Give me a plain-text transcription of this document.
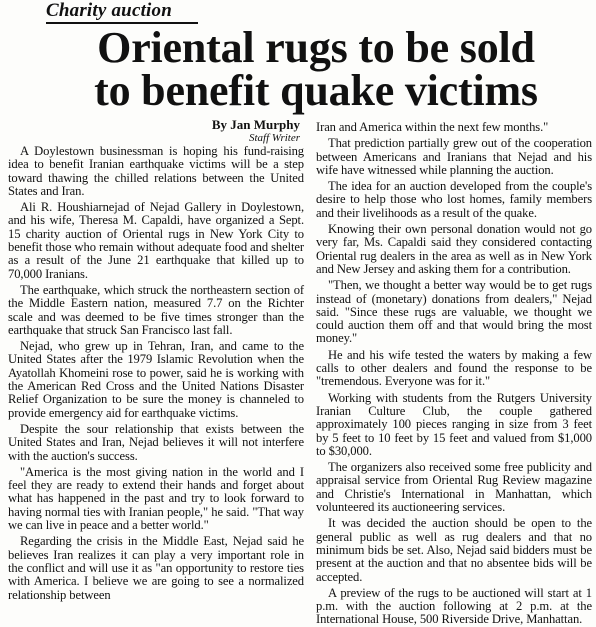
Charity auction
Oriental rugs to be sold
to benefit quake victims
By Jan Murphy
Staff Writer

A Doylestown businessman is hoping his fund-raising idea to benefit Iranian earthquake victims will be a step toward thawing the chilled relations between the United States and Iran.

Ali R. Houshiarnejad of Nejad Gallery in Doylestown, and his wife, Theresa M. Capaldi, have organized a Sept. 15 charity auction of Oriental rugs in New York City to benefit those who remain without adequate food and shelter as a result of the June 21 earthquake that killed up to 70,000 Iranians.

The earthquake, which struck the northeastern section of the Middle Eastern nation, measured 7.7 on the Richter scale and was deemed to be five times stronger than the earthquake that struck San Francisco last fall.

Nejad, who grew up in Tehran, Iran, and came to the United States after the 1979 Islamic Revolution when the Ayatollah Khomeini rose to power, said he is working with the American Red Cross and the United Nations Disaster Relief Organization to be sure the money is channeled to provide emergency aid for earthquake victims.

Despite the sour relationship that exists between the United States and Iran, Nejad believes it will not interfere with the auction's success.

"America is the most giving nation in the world and I feel they are ready to extend their hands and forget about what has happened in the past and try to look forward to having normal ties with Iranian people," he said. "That way we can live in peace and a better world."

Regarding the crisis in the Middle East, Nejad said he believes Iran realizes it can play a very important role in the conflict and will use it as "an opportunity to restore ties with America. I believe we are going to see a normalized relationship between

Iran and America within the next few months."

That prediction partially grew out of the cooperation between Americans and Iranians that Nejad and his wife have witnessed while planning the auction.

The idea for an auction developed from the couple's desire to help those who lost homes, family members and their livelihoods as a result of the quake.

Knowing their own personal donation would not go very far, Ms. Capaldi said they considered contacting Oriental rug dealers in the area as well as in New York and New Jersey and asking them for a contribution.

"Then, we thought a better way would be to get rugs instead of (monetary) donations from dealers," Nejad said. "Since these rugs are valuable, we thought we could auction them off and that would bring the most money."

He and his wife tested the waters by making a few calls to other dealers and found the response to be "tremendous. Everyone was for it."

Working with students from the Rutgers University Iranian Culture Club, the couple gathered approximately 100 pieces ranging in size from 3 feet by 5 feet to 10 feet by 15 feet and valued from $1,000 to $30,000.

The organizers also received some free publicity and appraisal service from Oriental Rug Review magazine and Christie's International in Manhattan, which volunteered its auctioneering services.

It was decided the auction should be open to the general public as well as rug dealers and that no minimum bids be set. Also, Nejad said bidders must be present at the auction and that no absentee bids will be accepted.

A preview of the rugs to be auctioned will start at 1 p.m. with the auction following at 2 p.m. at the International House, 500 Riverside Drive, Manhattan.
